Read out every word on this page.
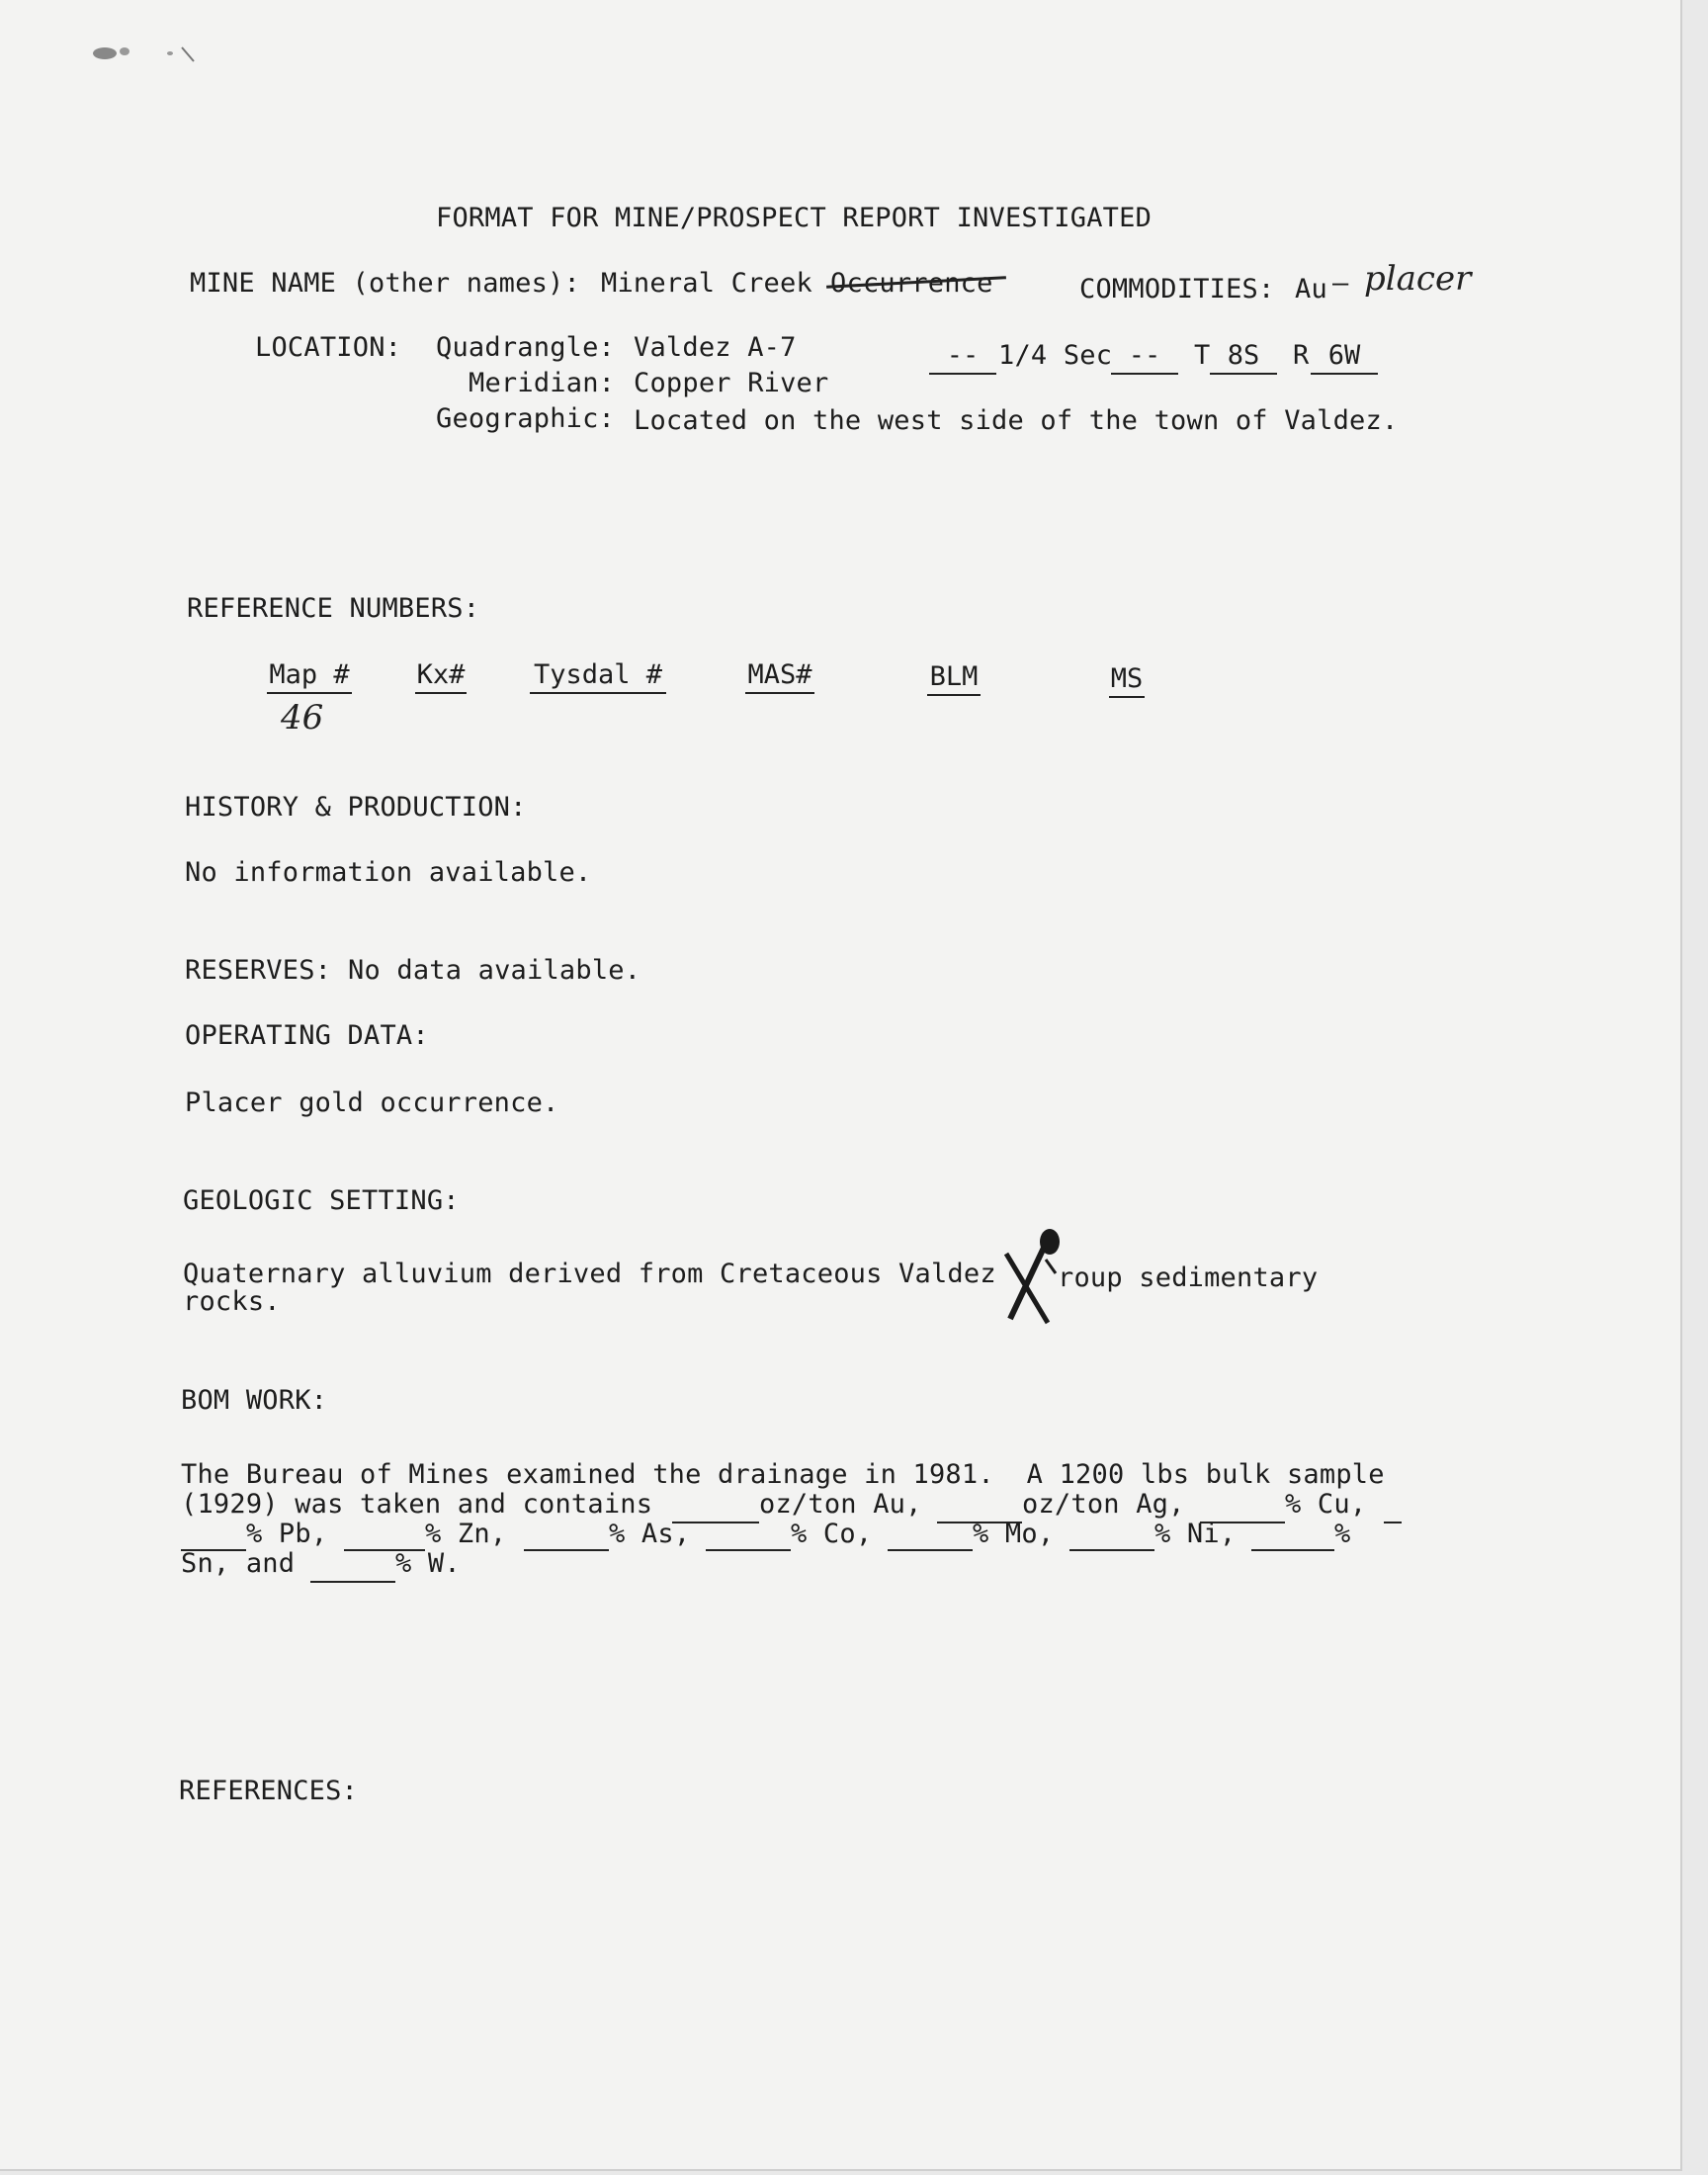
FORMAT FOR MINE/PROSPECT REPORT INVESTIGATED
MINE NAME (other names): Mineral Creek Occurrence	COMMODITIES: Au – placer
LOCATION: Quadrangle: Valdez A-7
Meridian: Copper River
Geographic: Located on the west side of the town of Valdez.
-- 1/4 Sec --	T 8S	R 6W
REFERENCE NUMBERS:
Map #	Kx#	Tysdal #	MAS#	BLM	MS
46
HISTORY & PRODUCTION:
No information available.
RESERVES: No data available.
OPERATING DATA:
Placer gold occurrence.
GEOLOGIC SETTING:
Quaternary alluvium derived from Cretaceous Valdez roup sedimentary
rocks.
BOM WORK:
The Bureau of Mines examined the drainage in 1981.  A 1200 lbs bulk sample
(1929) was taken and contains	oz/ton Au,	oz/ton Ag,	% Cu,
% Pb,	% Zn,	% As,	% Co,	% Mo,	% Ni,	%
Sn, and	% W.
REFERENCES:
